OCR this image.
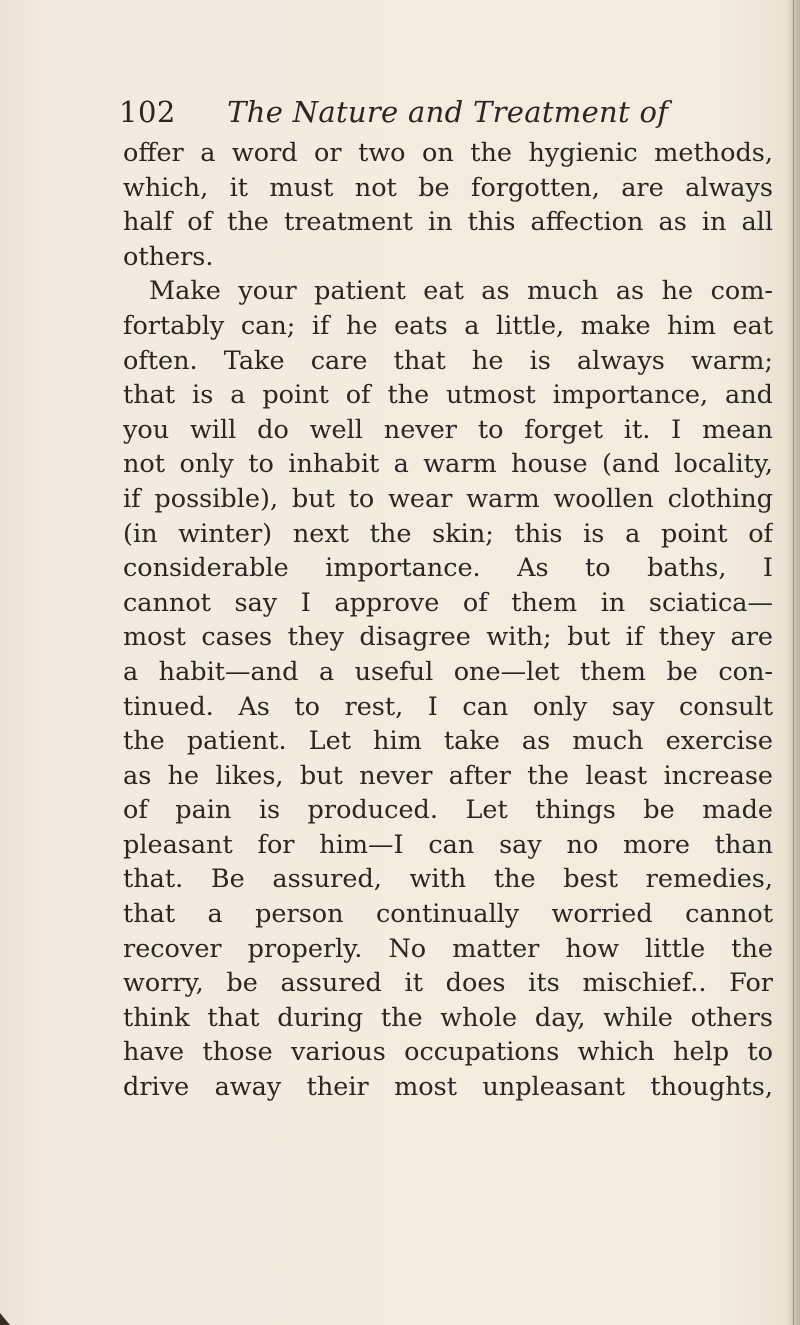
102 The Nature and Treatment of
offer a word or two on the hygienic methods,
which, it must not be forgotten, are always
half of the treatment in this affection as in all
others.
Make your patient eat as much as he com-
fortably can; if he eats a little, make him eat
often. Take care that he is always warm;
that is a point of the utmost importance, and
you will do well never to forget it. I mean
not only to inhabit a warm house (and locality,
if possible), but to wear warm woollen clothing
(in winter) next the skin; this is a point of
considerable importance. As to baths, I
cannot say I approve of them in sciatica—
most cases they disagree with; but if they are
a habit—and a useful one—let them be con-
tinued. As to rest, I can only say consult
the patient. Let him take as much exercise
as he likes, but never after the least increase
of pain is produced. Let things be made
pleasant for him—I can say no more than
that. Be assured, with the best remedies,
that a person continually worried cannot
recover properly. No matter how little the
worry, be assured it does its mischief.. For
think that during the whole day, while others
have those various occupations which help to
drive away their most unpleasant thoughts,
